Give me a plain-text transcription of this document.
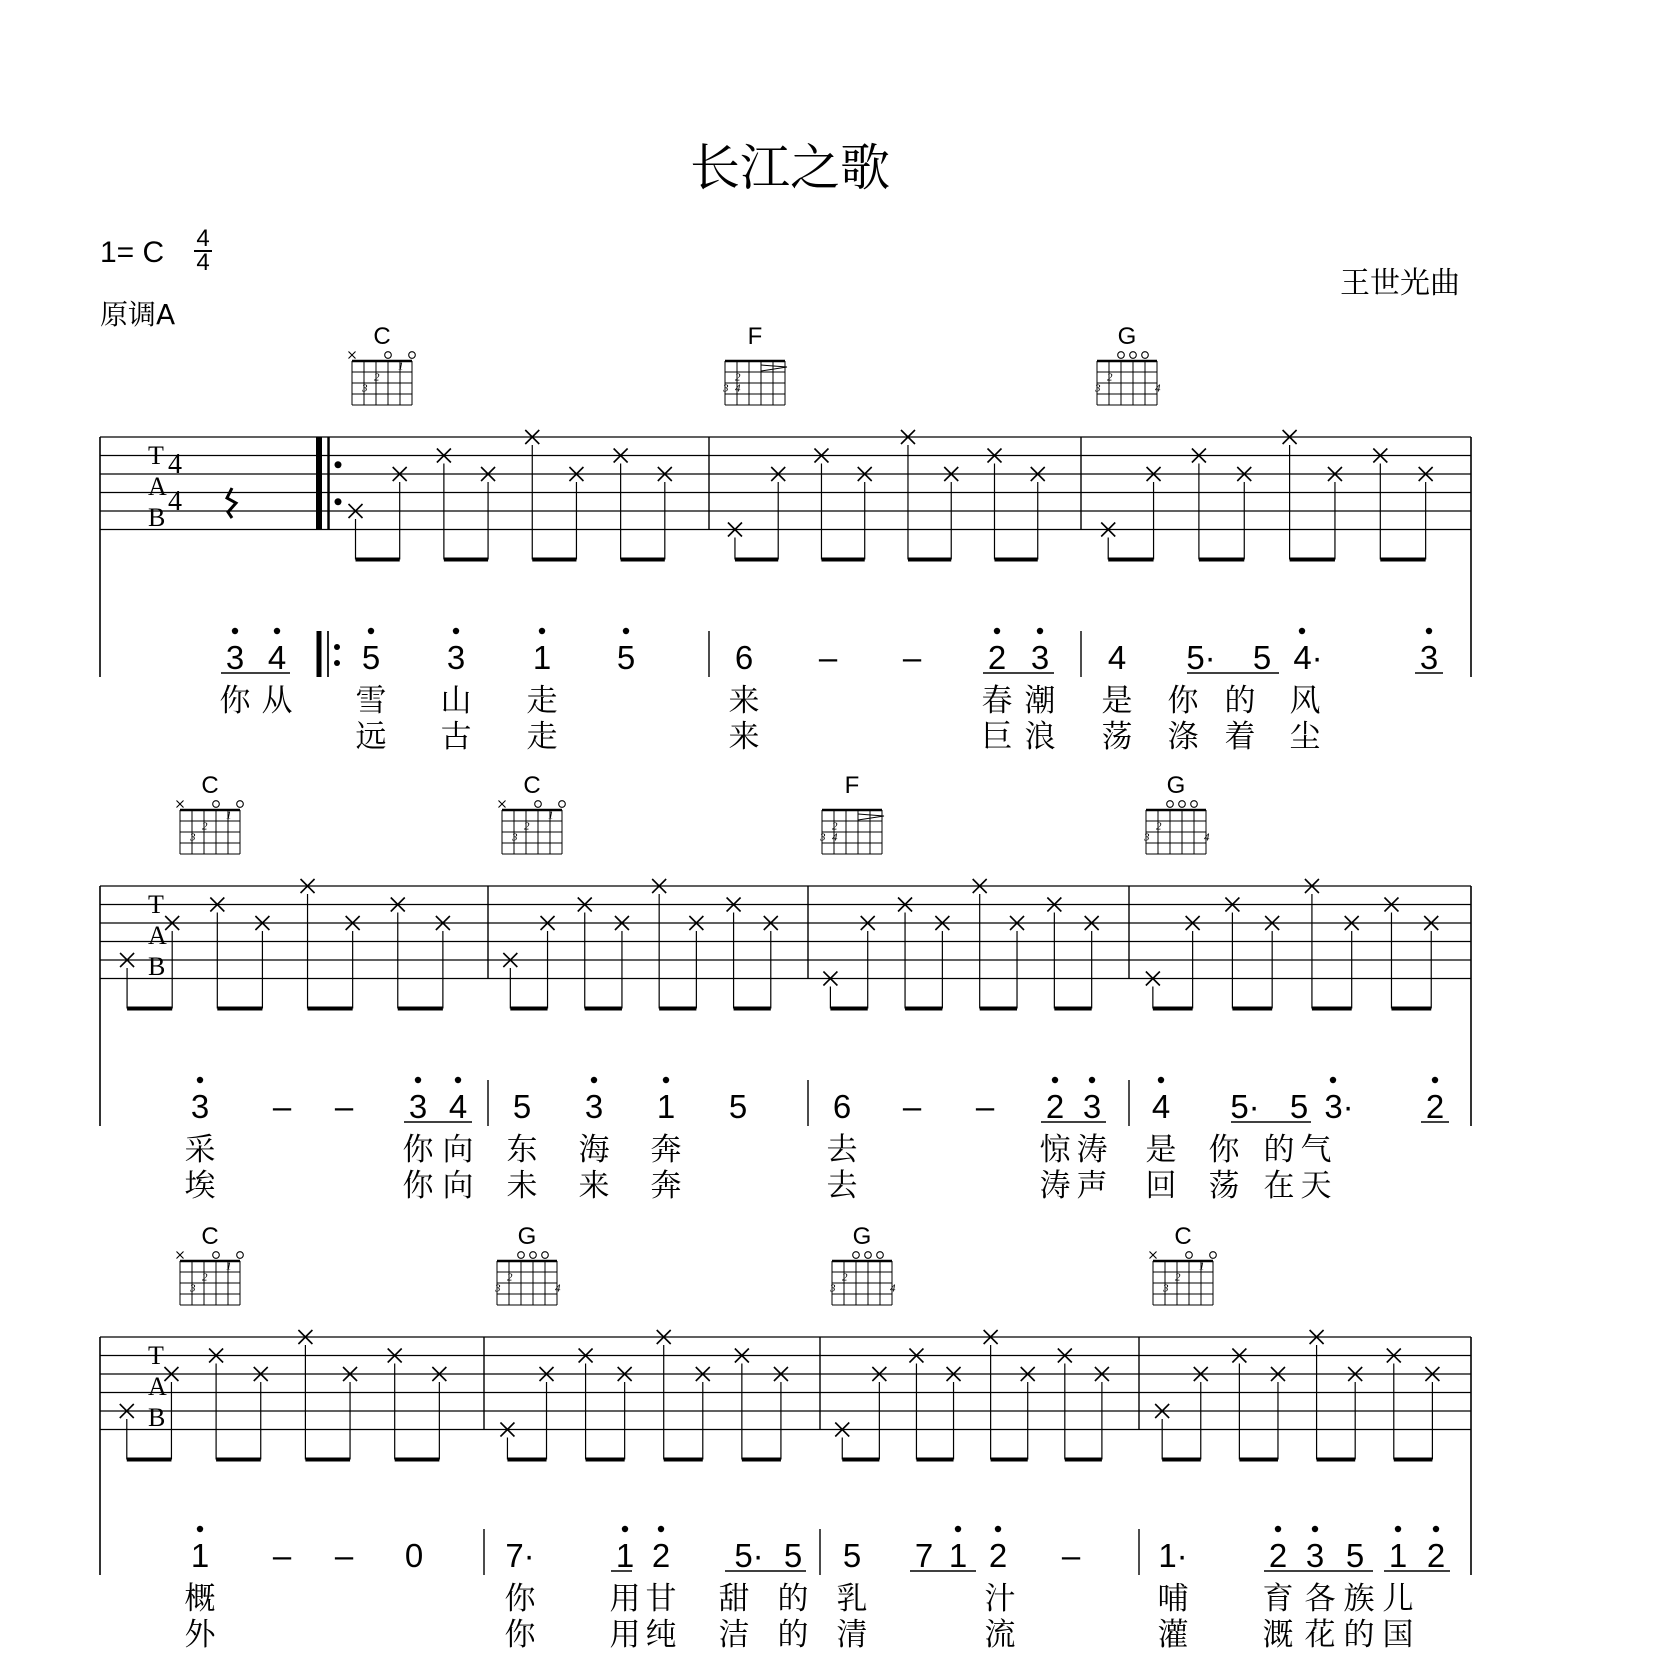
长江之歌
1= C 4
4
原调A
王世光曲
T
A
B
4
4
1
2
3
2
3 4
2
3	4
T
A
B
1
2
3
1
2
3
2
3 4
2
3	4
T
A
B
1
2
3
2
3	4
2
3	4
1
2
3
C	F	G
3 4 5 3 1 5	6 – – 2 3 4 5· 5 4·	3
你 从 雪 山 走	来	春 潮 是 你 的 风
远 古 走	来	巨 浪 荡 涤 着 尘
C	C	F	G
3 – – 3 4 5 3 1 5	6 – – 2 3 4 5· 5 3· 2
采	你 向 东 海 奔	去	惊 涛 是 你 的 气
埃	你 向 未 来 奔	去	涛 声 回 荡 在 天
C	G	G	C
1 – – 0 7· 1 2 5· 5 5 7 1 2 – 1· 2 3 5 1 2
概	你 用 甘 甜 的 乳	汁	哺 育 各 族 儿
外	你 用 纯 洁 的 清	流	灌 溉 花 的 国
